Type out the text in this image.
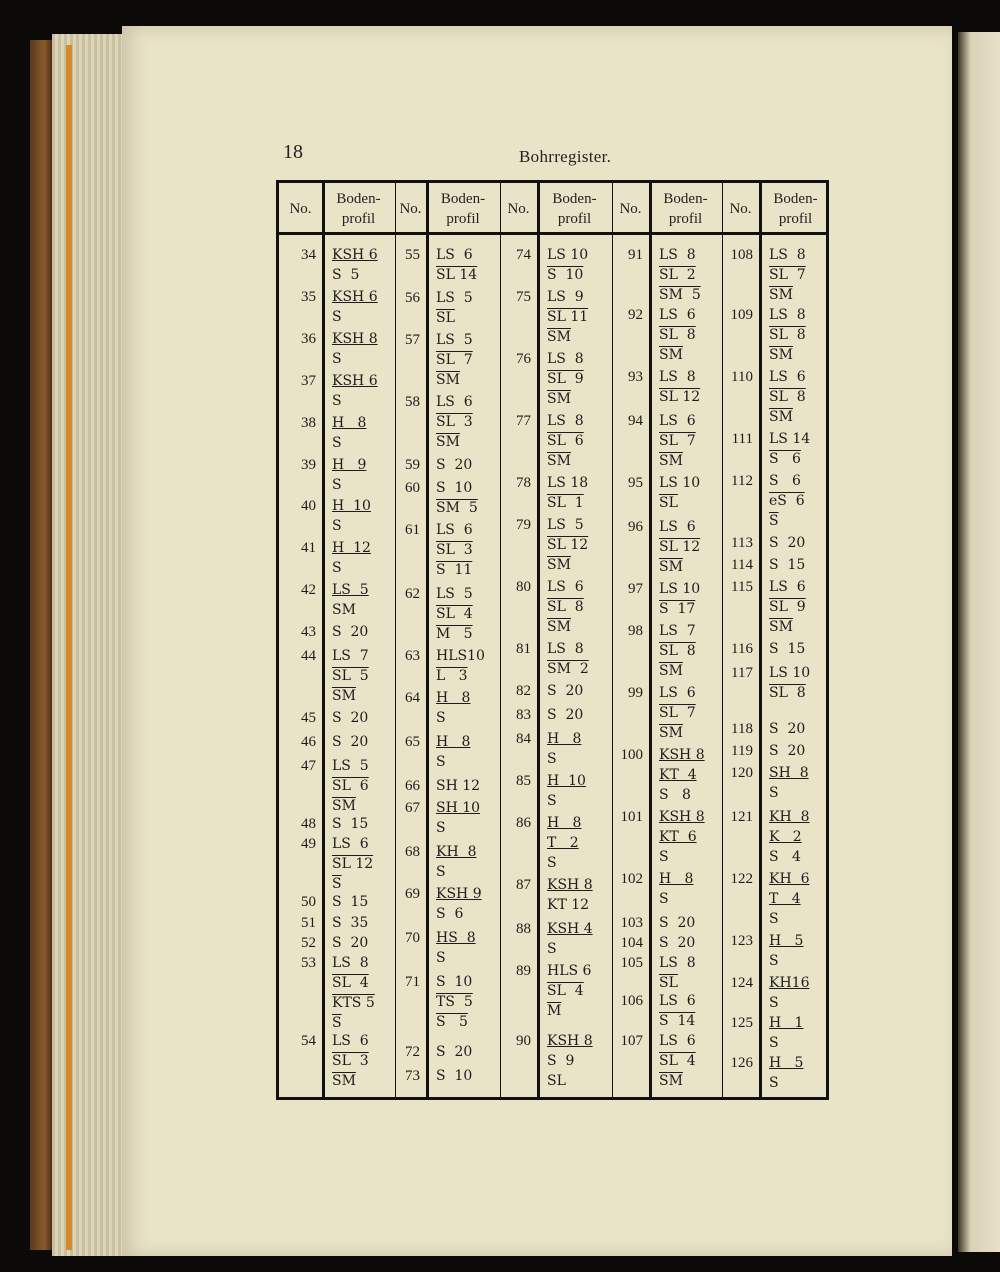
18	Bohrregister.
No.
Boden-
profil
No.
Boden-
profil
No.
Boden-
profil
No.
Boden-
profil
No.
Boden-
profil
34 KSH 6
S  5
35 KSH 6
S
36 KSH 8
S
37 KSH 6
S
38 H   8
S
39 H   9
S
40 H  10
S
41 H  12
S
42 LS  5
SM
43 S  20
44 LS  7
SL  5
$\overline{SM}$
45 S  20
46 S  20
47 LS  5
SL  6
$\overline{SM}$
48 S  15
49 LS  6
SL 12
$\overline{S}$
50 S  15
51 S  35
52 S  20
53 LS  8
SL  4
KTS 5
$\overline{S}$
54 LS  6
SL  3
$\overline{SM}$
55 LS  6
SL 14
56 LS  5
$\overline{SL}$
57 LS  5
SL  7
$\overline{SM}$
58 LS  6
SL  3
$\overline{SM}$
59 S  20
60 S  10
SM  5
61 LS  6
SL  3
S  11
62 LS  5
SL  4
M   5
63 HLS10
L   3
64 H   8
S
65 H   8
S
66 SH 12
67 SH 10
S
68 KH  8
S
69 KSH 9
S  6
70 HS  8
S
71 S  10
TS  5
S   5
72 S  20
73 S  10
74 LS 10
S  10
75 LS  9
SL 11
$\overline{SM}$
76 LS  8
SL  9
$\overline{SM}$
77 LS  8
SL  6
$\overline{SM}$
78 LS 18
SL  1
79 LS  5
SL 12
$\overline{SM}$
80 LS  6
SL  8
$\overline{SM}$
81 LS  8
SM  2
82 S  20
83 S  20
84 H   8
S
85 H  10
S
86 H   8
T   2
S
87 KSH 8
KT 12
88 KSH 4
S
89 HLS 6
SL  4
$\overline{M}$
90 KSH 8
S  9
SL
91 LS  8
SL  2
SM  5
92 LS  6
SL  8
$\overline{SM}$
93 LS  8
SL 12
94 LS  6
SL  7
$\overline{SM}$
95 LS 10
$\overline{SL}$
96 LS  6
SL 12
$\overline{SM}$
97 LS 10
S  17
98 LS  7
SL  8
$\overline{SM}$
99 LS  6
SL  7
$\overline{SM}$
100 KSH 8
KT  4
S   8
101 KSH 8
KT  6
S
102 H   8
S
103 S  20
104 S  20
105 LS  8
$\overline{SL}$
106 LS  6
S  14
107 LS  6
SL  4
$\overline{SM}$
108 LS  8
SL  7
$\overline{SM}$
109 LS  8
SL  8
$\overline{SM}$
110 LS  6
SL  8
$\overline{SM}$
111 LS 14
S   6
112 S   6
eS  6
$\overline{S}$
113 S  20
114 S  15
115 LS  6
SL  9
$\overline{SM}$
116 S  15
117 LS 10
SL  8
118 S  20
119 S  20
120 SH  8
S
121 KH  8
K   2
S   4
122 KH  6
T   4
S
123 H   5
S
124 KH16
S
125 H   1
S
126 H   5
S
